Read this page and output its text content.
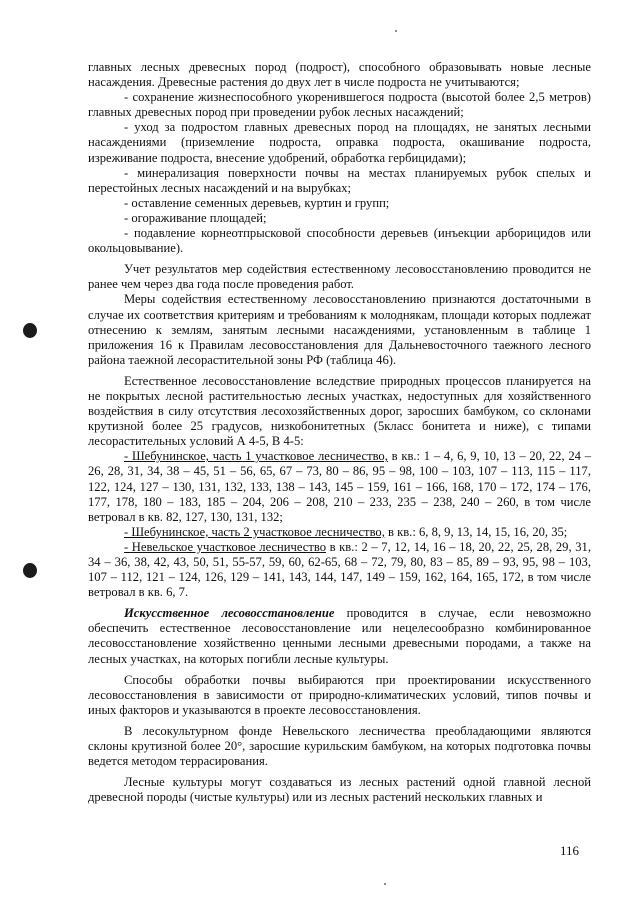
главных лесных древесных пород (подрост), способного образовывать новые лесные насаждения. Древесные растения до двух лет в числе подроста не учитываются;

- сохранение жизнеспособного укоренившегося подроста (высотой более 2,5 метров) главных древесных пород при проведении рубок лесных насаждений;

- уход за подростом главных древесных пород на площадях, не занятых лесными насаждениями (приземление подроста, оправка подроста, окашивание подроста, изреживание подроста, внесение удобрений, обработка гербицидами);

- минерализация поверхности почвы на местах планируемых рубок спелых и перестойных лесных насаждений и на вырубках;

- оставление семенных деревьев, куртин и групп;

- огораживание площадей;

- подавление корнеотпрысковой способности деревьев (инъекции арборицидов или окольцовывание).

Учет результатов мер содействия естественному лесовосстановлению проводится не ранее чем через два года после проведения работ.

Меры содействия естественному лесовосстановлению признаются достаточными в случае их соответствия критериям и требованиям к молоднякам, площади которых подлежат отнесению к землям, занятым лесными насаждениями, установленным в таблице 1 приложения 16 к Правилам лесовосстановления для Дальневосточного таежного лесного района таежной лесорастительной зоны РФ (таблица 46).

Естественное лесовосстановление вследствие природных процессов планируется на не покрытых лесной растительностью лесных участках, недоступных для хозяйственного воздействия в силу отсутствия лесохозяйственных дорог, заросших бамбуком, со склонами крутизной более 25 градусов, низкобонитетных (5класс бонитета и ниже), с типами лесорастительных условий А 4-5, В 4-5:

- Шебунинское, часть 1 участковое лесничество, в кв.: 1 – 4, 6, 9, 10, 13 – 20, 22, 24 – 26, 28, 31, 34, 38 – 45, 51 – 56, 65, 67 – 73, 80 – 86, 95 – 98, 100 – 103, 107 – 113, 115 – 117, 122, 124, 127 – 130, 131, 132, 133, 138 – 143, 145 – 159, 161 – 166, 168, 170 – 172, 174 – 176, 177, 178, 180 – 183, 185 – 204, 206 – 208, 210 – 233, 235 – 238, 240 – 260, в том числе ветровал в кв. 82, 127, 130, 131, 132;

- Шебунинское, часть 2 участковое лесничество, в кв.: 6, 8, 9, 13, 14, 15, 16, 20, 35;

- Невельское участковое лесничество в кв.: 2 – 7, 12, 14, 16 – 18, 20, 22, 25, 28, 29, 31, 34 – 36, 38, 42, 43, 50, 51, 55-57, 59, 60, 62-65, 68 – 72, 79, 80, 83 – 85, 89 – 93, 95, 98 – 103, 107 – 112, 121 – 124, 126, 129 – 141, 143, 144, 147, 149 – 159, 162, 164, 165, 172, в том числе ветровал в кв. 6, 7.

Искусственное лесовосстановление проводится в случае, если невозможно обеспечить естественное лесовосстановление или нецелесообразно комбинированное лесовосстановление хозяйственно ценными лесными древесными породами, а также на лесных участках, на которых погибли лесные культуры.

Способы обработки почвы выбираются при проектировании искусственного лесовосстановления в зависимости от природно-климатических условий, типов почвы и иных факторов и указываются в проекте лесовосстановления.

В лесокультурном фонде Невельского лесничества преобладающими являются склоны крутизной более 20°, заросшие курильским бамбуком, на которых подготовка почвы ведется методом террасирования.

Лесные культуры могут создаваться из лесных растений одной главной лесной древесной породы (чистые культуры) или из лесных растений нескольких главных и

116
